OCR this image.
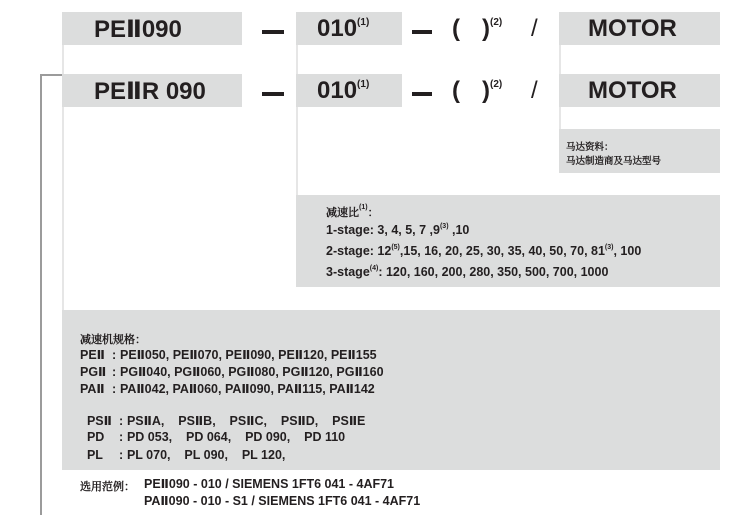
PEⅡ090	010$^{(1)}$	( )$^{(2)}$ / MOTOR
PEⅡR 090	010$^{(1)}$	( )$^{(2)}$ / MOTOR
马达资料：
马达制造商及马达型号
减速比$^{(1)}$：
1-stage: 3, 4, 5, 7 ,9$^{(3)}$ ,10
2-stage: 12$^{(5)}$,15, 16, 20, 25, 30, 35, 40, 50, 70, 81$^{(3)}$, 100
3-stage$^{(4)}$: 120, 160, 200, 280, 350, 500, 700, 1000
减速机规格：
PEⅡ : PEⅡ050, PEⅡ070, PEⅡ090, PEⅡ120, PEⅡ155
PGⅡ : PGⅡ040, PGⅡ060, PGⅡ080, PGⅡ120, PGⅡ160
PAⅡ : PAⅡ042, PAⅡ060, PAⅡ090, PAⅡ115, PAⅡ142

PSⅡ : PSⅡA,    PSⅡB,    PSⅡC,    PSⅡD,    PSⅡE

PD : PD 053,    PD 064,    PD 090,    PD 110

PL : PL 070,    PL 090,    PL 120,

选用范例： PEⅡ090 - 010 / SIEMENS 1FT6 041 - 4AF71
PAⅡ090 - 010 - S1 / SIEMENS 1FT6 041 - 4AF71
